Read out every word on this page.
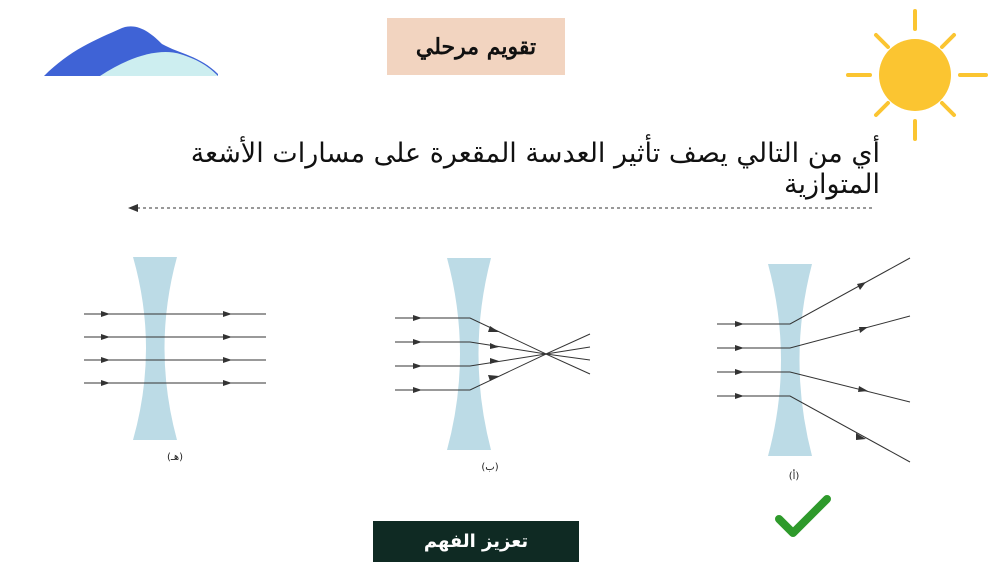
تقويم مرحلي
أي من التالي يصف تأثير العدسة المقعرة على مسارات الأشعة المتوازية
(هـ)
(ب)
(أ)
تعزيز الفهم
